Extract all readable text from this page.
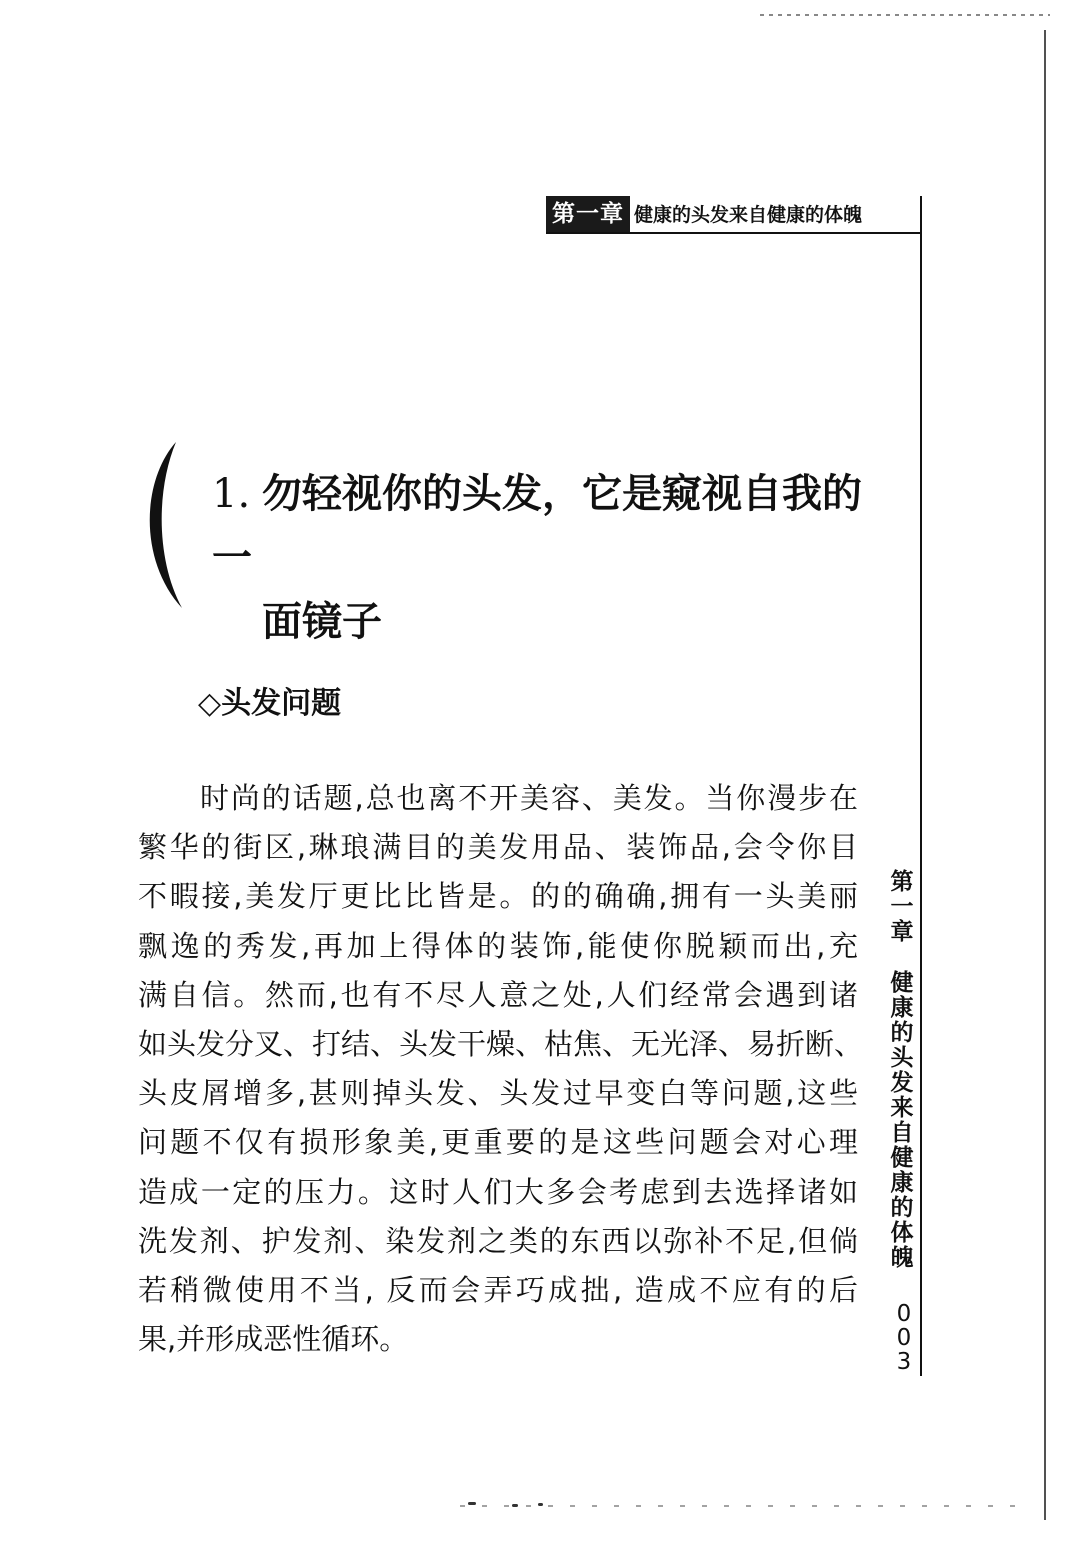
第一章 健康的头发来自健康的体魄
1. 勿轻视你的头发，它是窥视自我的一
面镜子
◇头发问题
时尚的话题,总也离不开美容、美发。当你漫步在
繁华的街区,琳琅满目的美发用品、装饰品,会令你目
不暇接,美发厅更比比皆是。的的确确,拥有一头美丽
飘逸的秀发,再加上得体的装饰,能使你脱颖而出,充
满自信。然而,也有不尽人意之处,人们经常会遇到诸
如头发分叉、打结、头发干燥、枯焦、无光泽、易折断、
头皮屑增多,甚则掉头发、头发过早变白等问题,这些
问题不仅有损形象美,更重要的是这些问题会对心理
造成一定的压力。这时人们大多会考虑到去选择诸如
洗发剂、护发剂、染发剂之类的东西以弥补不足,但倘
若稍微使用不当, 反而会弄巧成拙, 造成不应有的后
果,并形成恶性循环。
第
一
章
健
康
的
头
发
来
自
健
康
的
体
魄
0
0
3
